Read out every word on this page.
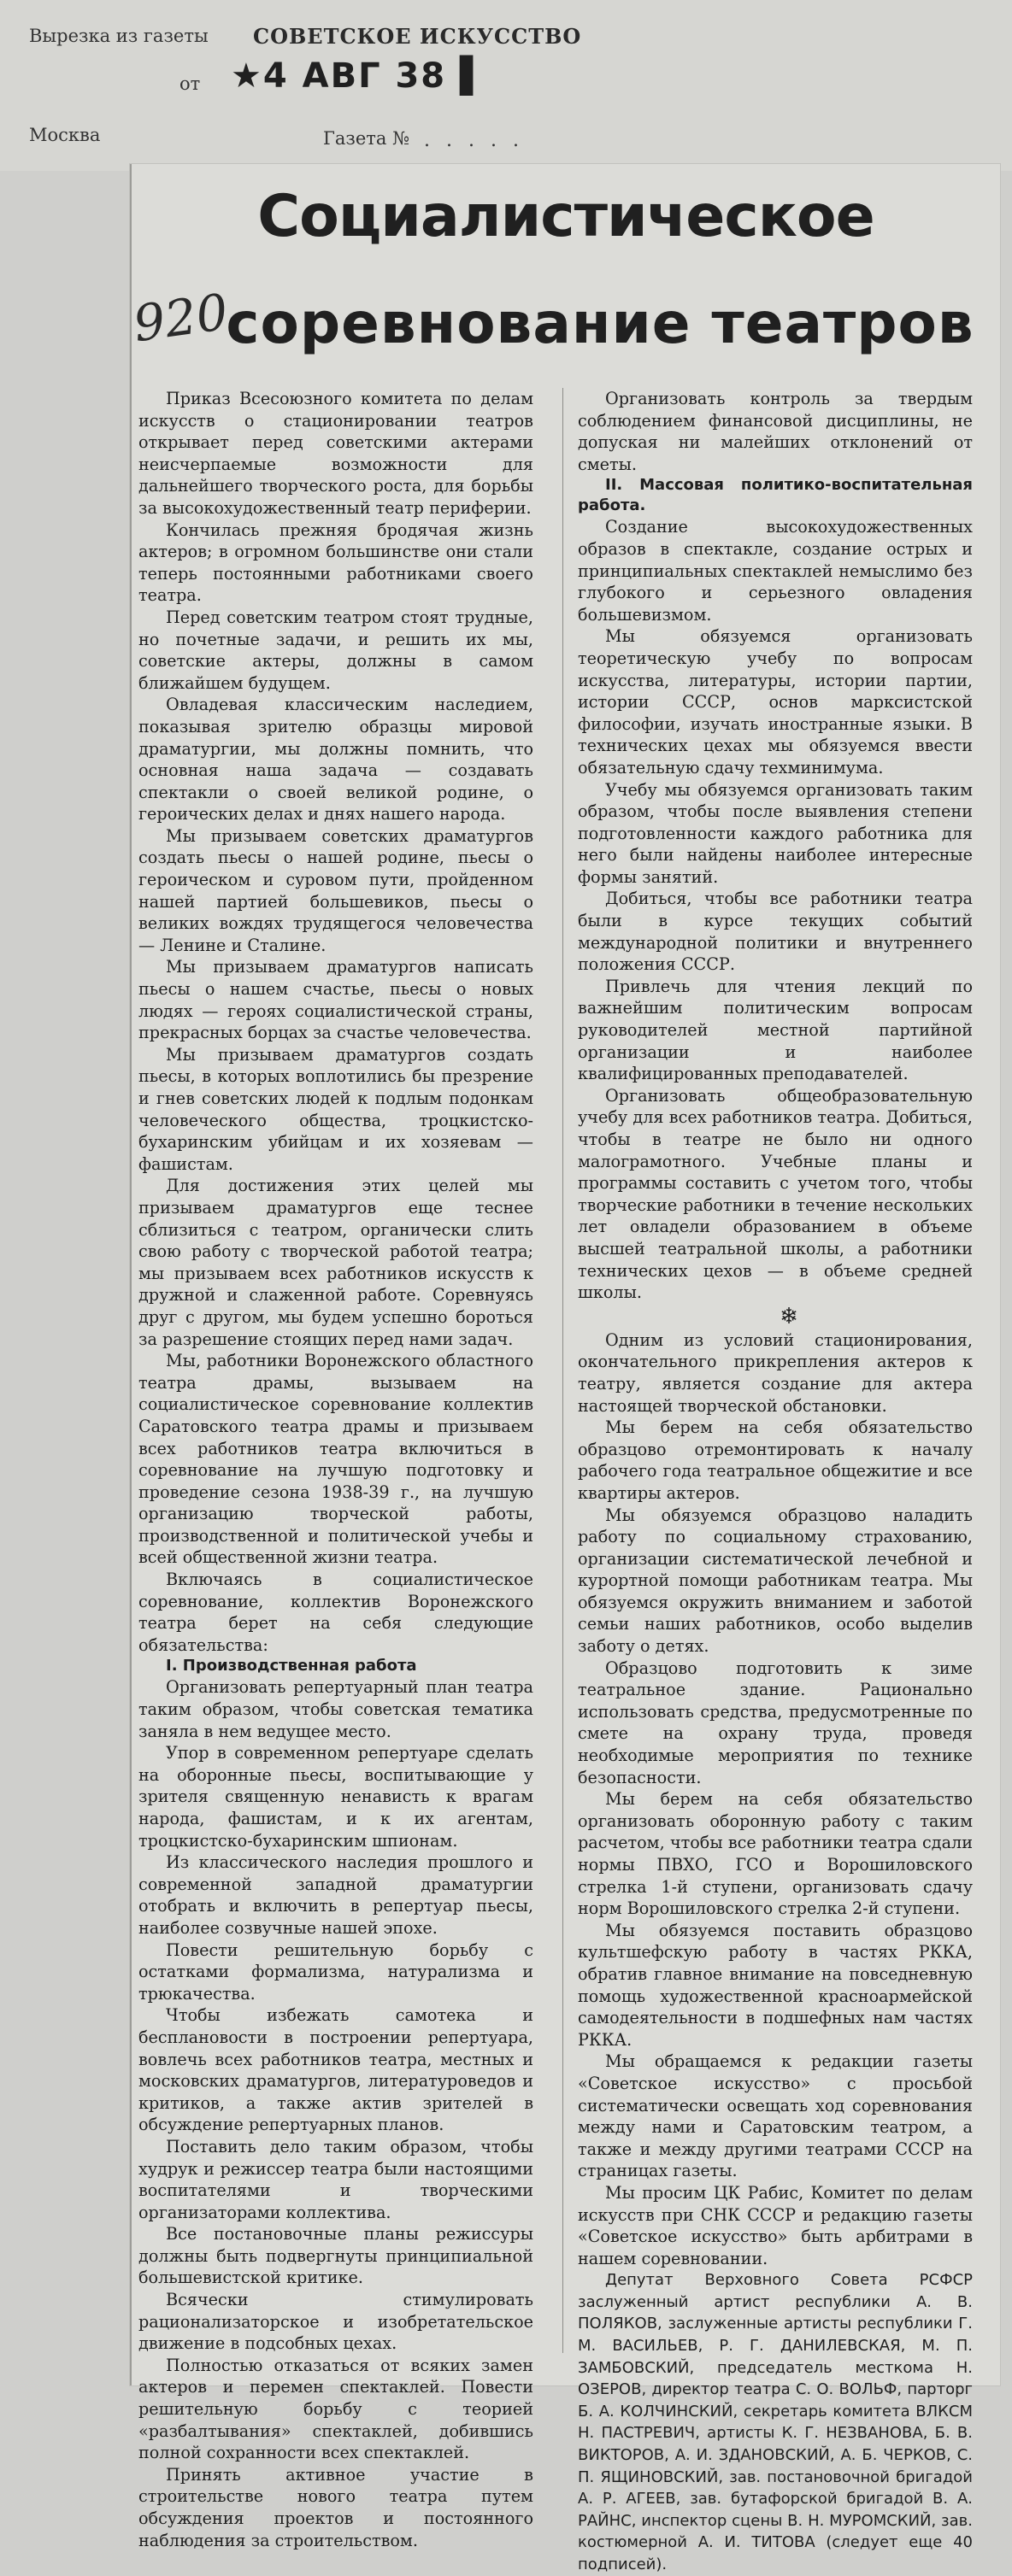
Вырезка из газеты СОВЕТСКОЕ ИСКУССТВО
от ★4 АВГ 38 ▌
Москва	Газета № . . . . .
Социалистическое
920
соревнование театров

Приказ Всесоюзного комитета по делам искусств о стационировании театров открывает перед советскими актерами неисчерпаемые возможности для дальнейшего творческого роста, для борьбы за высокохудожественный театр периферии.

Кончилась прежняя бродячая жизнь актеров; в огромном большинстве они стали теперь постоянными работниками своего театра.

Перед советским театром стоят трудные, но почетные задачи, и решить их мы, советские актеры, должны в самом ближайшем будущем.

Овладевая классическим наследием, показывая зрителю образцы мировой драматургии, мы должны помнить, что основная наша задача — создавать спектакли о своей великой родине, о героических делах и днях нашего народа.

Мы призываем советских драматургов создать пьесы о нашей родине, пьесы о героическом и суровом пути, пройденном нашей партией большевиков, пьесы о великих вождях трудящегося человечества — Ленине и Сталине.

Мы призываем драматургов написать пьесы о нашем счастье, пьесы о новых людях — героях социалистической страны, прекрасных борцах за счастье человечества.

Мы призываем драматургов создать пьесы, в которых воплотились бы презрение и гнев советских людей к подлым подонкам человеческого общества, троцкистско-бухаринским убийцам и их хозяевам — фашистам.

Для достижения этих целей мы призываем драматургов еще теснее сблизиться с театром, органически слить свою работу с творческой работой театра; мы призываем всех работников искусств к дружной и слаженной работе. Соревнуясь друг с другом, мы будем успешно бороться за разрешение стоящих перед нами задач.

Мы, работники Воронежского областного театра драмы, вызываем на социалистическое соревнование коллектив Саратовского театра драмы и призываем всех работников театра включиться в соревнование на лучшую подготовку и проведение сезона 1938-39 г., на лучшую организацию творческой работы, производственной и политической учебы и всей общественной жизни театра.

Включаясь в социалистическое соревнование, коллектив Воронежского театра берет на себя следующие обязательства:

I. Производственная работа

Организовать репертуарный план театра таким образом, чтобы советская тематика заняла в нем ведущее место.

Упор в современном репертуаре сделать на оборонные пьесы, воспитывающие у зрителя священную ненависть к врагам народа, фашистам, и к их агентам, троцкистско-бухаринским шпионам.

Из классического наследия прошлого и современной западной драматургии отобрать и включить в репертуар пьесы, наиболее созвучные нашей эпохе.

Повести решительную борьбу с остатками формализма, натурализма и трюкачества.

Чтобы избежать самотека и бесплановости в построении репертуара, вовлечь всех работников театра, местных и московских драматургов, литературоведов и критиков, а также актив зрителей в обсуждение репертуарных планов.

Поставить дело таким образом, чтобы худрук и режиссер театра были настоящими воспитателями и творческими организаторами коллектива.

Все постановочные планы режиссуры должны быть подвергнуты принципиальной большевистской критике.

Всячески стимулировать рационализаторское и изобретательское движение в подсобных цехах.

Полностью отказаться от всяких замен актеров и перемен спектаклей. Повести решительную борьбу с теорией «разбалтывания» спектаклей, добившись полной сохранности всех спектаклей.

Принять активное участие в строительстве нового театра путем обсуждения проектов и постоянного наблюдения за строительством.

Организовать контроль за твердым соблюдением финансовой дисциплины, не допуская ни малейших отклонений от сметы.

II. Массовая политико-воспитательная работа.

Создание высокохудожественных образов в спектакле, создание острых и принципиальных спектаклей немыслимо без глубокого и серьезного овладения большевизмом.

Мы обязуемся организовать теоретическую учебу по вопросам искусства, литературы, истории партии, истории СССР, основ марксистской философии, изучать иностранные языки. В технических цехах мы обязуемся ввести обязательную сдачу техминимума.

Учебу мы обязуемся организовать таким образом, чтобы после выявления степени подготовленности каждого работника для него были найдены наиболее интересные формы занятий.

Добиться, чтобы все работники театра были в курсе текущих событий международной политики и внутреннего положения СССР.

Привлечь для чтения лекций по важнейшим политическим вопросам руководителей местной партийной организации и наиболее квалифицированных преподавателей.

Организовать общеобразовательную учебу для всех работников театра. Добиться, чтобы в театре не было ни одного малограмотного. Учебные планы и программы составить с учетом того, чтобы творческие работники в течение нескольких лет овладели образованием в объеме высшей театральной школы, а работники технических цехов — в объеме средней школы.

❄

Одним из условий стационирования, окончательного прикрепления актеров к театру, является создание для актера настоящей творческой обстановки.

Мы берем на себя обязательство образцово отремонтировать к началу рабочего года театральное общежитие и все квартиры актеров.

Мы обязуемся образцово наладить работу по социальному страхованию, организации систематической лечебной и курортной помощи работникам театра. Мы обязуемся окружить вниманием и заботой семьи наших работников, особо выделив заботу о детях.

Образцово подготовить к зиме театральное здание. Рационально использовать средства, предусмотренные по смете на охрану труда, проведя необходимые мероприятия по технике безопасности.

Мы берем на себя обязательство организовать оборонную работу с таким расчетом, чтобы все работники театра сдали нормы ПВХО, ГСО и Ворошиловского стрелка 1-й ступени, организовать сдачу норм Ворошиловского стрелка 2-й ступени.

Мы обязуемся поставить образцово культшефскую работу в частях РККА, обратив главное внимание на повседневную помощь художественной красноармейской самодеятельности в подшефных нам частях РККА.

Мы обращаемся к редакции газеты «Советское искусство» с просьбой систематически освещать ход соревнования между нами и Саратовским театром, а также и между другими театрами СССР на страницах газеты.

Мы просим ЦК Рабис, Комитет по делам искусств при СНК СССР и редакцию газеты «Советское искусство» быть арбитрами в нашем соревновании.

Депутат Верховного Совета РСФСР заслуженный артист республики А. В. ПОЛЯКОВ, заслуженные артисты республики Г. М. ВАСИЛЬЕВ, Р. Г. ДАНИЛЕВСКАЯ, М. П. ЗАМБОВСКИЙ, председатель месткома Н. ОЗЕРОВ, директор театра С. О. ВОЛЬФ, парторг Б. А. КОЛЧИНСКИЙ, секретарь комитета ВЛКСМ Н. ПАСТРЕВИЧ, артисты К. Г. НЕЗВАНОВА, Б. В. ВИКТОРОВ, А. И. ЗДАНОВСКИЙ, А. Б. ЧЕРКОВ, С. П. ЯЩИНОВСКИЙ, зав. постановочной бригадой А. Р. АГЕЕВ, зав. бутафорской бригадой В. А. РАЙНС, инспектор сцены В. Н. МУРОМСКИЙ, зав. костюмерной А. И. ТИТОВА (следует еще 40 подписей).
